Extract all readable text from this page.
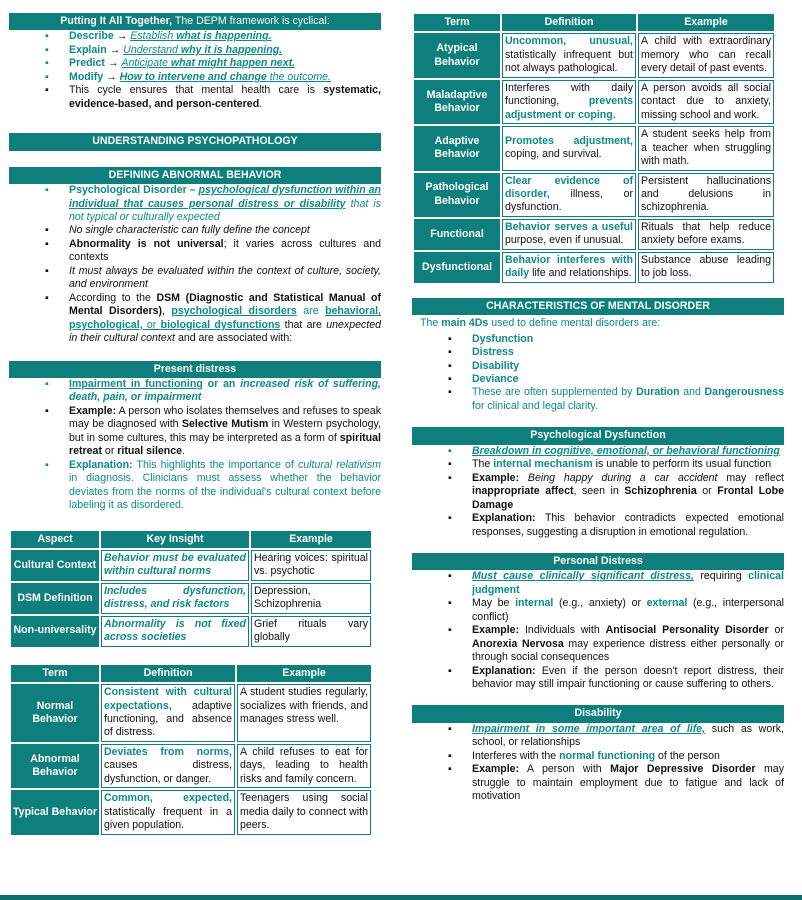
Putting It All Together, The DEPM framework is cyclical:
▪ Describe → Establish what is happening.
▪ Explain → Understand why it is happening.
▪ Predict → Anticipate what might happen next.
▪ Modify → How to intervene and change the outcome.
▪ This cycle ensures that mental health care is systematic, evidence-based, and person-centered.
UNDERSTANDING PSYCHOPATHOLOGY
DEFINING ABNORMAL BEHAVIOR
▪ Psychological Disorder – psychological dysfunction within an individual that causes personal distress or disability that is not typical or culturally expected
▪ No single characteristic can fully define the concept
▪ Abnormality is not universal; it varies across cultures and contexts
▪ It must always be evaluated within the context of culture, society, and environment
▪ According to the DSM (Diagnostic and Statistical Manual of Mental Disorders), psychological disorders are behavioral, psychological, or biological dysfunctions that are unexpected in their cultural context and are associated with:
Present distress
▪ Impairment in functioning or an increased risk of suffering, death, pain, or impairment
▪ Example: A person who isolates themselves and refuses to speak may be diagnosed with Selective Mutism in Western psychology, but in some cultures, this may be interpreted as a form of spiritual retreat or ritual silence.
▪ Explanation: This highlights the importance of cultural relativism in diagnosis. Clinicians must assess whether the behavior deviates from the norms of the individual's cultural context before labeling it as disordered.
Aspect	Key Insight	Example
Cultural Context	Behavior must be evaluated within cultural norms	Hearing voices: spiritual vs. psychotic
DSM Definition	Includes dysfunction, distress, and risk factors	Depression, Schizophrenia
Non-universality	Abnormality is not fixed across societies	Grief rituals vary globally
Term	Definition	Example
Normal Behavior	Consistent with cultural expectations, adaptive functioning, and absence of distress.	A student studies regularly, socializes with friends, and manages stress well.
Abnormal Behavior	Deviates from norms, causes distress, dysfunction, or danger.	A child refuses to eat for days, leading to health risks and family concern.
Typical Behavior	Common, expected, statistically frequent in a given population.	Teenagers using social media daily to connect with peers.
Term	Definition	Example
Atypical Behavior	Uncommon, unusual, statistically infrequent but not always pathological.	A child with extraordinary memory who can recall every detail of past events.
Maladaptive Behavior	Interferes with daily functioning, prevents adjustment or coping.	A person avoids all social contact due to anxiety, missing school and work.
Adaptive Behavior	Promotes adjustment, coping, and survival.	A student seeks help from a teacher when struggling with math.
Pathological Behavior	Clear evidence of disorder, illness, or dysfunction.	Persistent hallucinations and delusions in schizophrenia.
Functional	Behavior serves a useful purpose, even if unusual.	Rituals that help reduce anxiety before exams.
Dysfunctional	Behavior interferes with daily life and relationships.	Substance abuse leading to job loss.
CHARACTERISTICS OF MENTAL DISORDER
The main 4Ds used to define mental disorders are:
▪ Dysfunction
▪ Distress
▪ Disability
▪ Deviance
▪ These are often supplemented by Duration and Dangerousness for clinical and legal clarity.
Psychological Dysfunction
▪ Breakdown in cognitive, emotional, or behavioral functioning
▪ The internal mechanism is unable to perform its usual function
▪ Example: Being happy during a car accident may reflect inappropriate affect, seen in Schizophrenia or Frontal Lobe Damage
▪ Explanation: This behavior contradicts expected emotional responses, suggesting a disruption in emotional regulation.
Personal Distress
▪ Must cause clinically significant distress, requiring clinical judgment
▪ May be internal (e.g., anxiety) or external (e.g., interpersonal conflict)
▪ Example: Individuals with Antisocial Personality Disorder or Anorexia Nervosa may experience distress either personally or through social consequences
▪ Explanation: Even if the person doesn't report distress, their behavior may still impair functioning or cause suffering to others.
Disability
▪ Impairment in some important area of life, such as work, school, or relationships
▪ Interferes with the normal functioning of the person
▪ Example: A person with Major Depressive Disorder may struggle to maintain employment due to fatigue and lack of motivation
